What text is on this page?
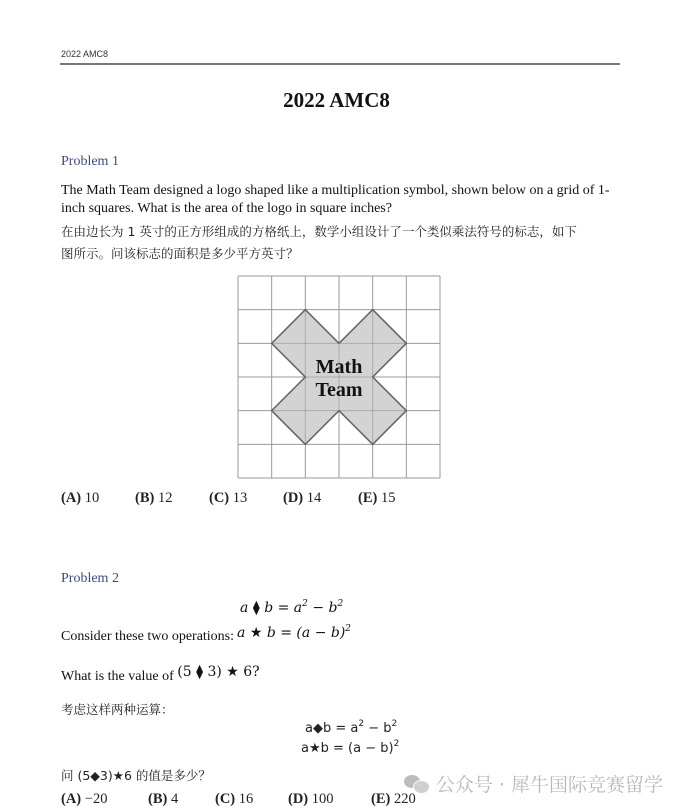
2022 AMC8
2022 AMC8
Problem 1
The Math Team designed a logo shaped like a multiplication symbol, shown below on a grid of 1-
inch squares. What is the area of the logo in square inches?
在由边长为 1 英寸的正方形组成的方格纸上，数学小组设计了一个类似乘法符号的标志，如下
图所示。问该标志的面积是多少平方英寸？
Math
Team
(A) 10 (B) 12	(C) 13 (D) 14	(E) 15
Problem 2
a ⧫ $b = a^2 - b^2$
Consider these two operations: a ★ $b = (a - b)^2$
What is the value of (5 ⧫ 3) ★ 6?
考虑这样两种运算：
a◆b = $a^2 - b^2$
a★b = $(a - b)^2$
问 (5◆3)★6 的值是多少？
(A) −20	(B) 4	(C) 16 (D) 100	(E) 220
公众号 · 犀牛国际竞赛留学
